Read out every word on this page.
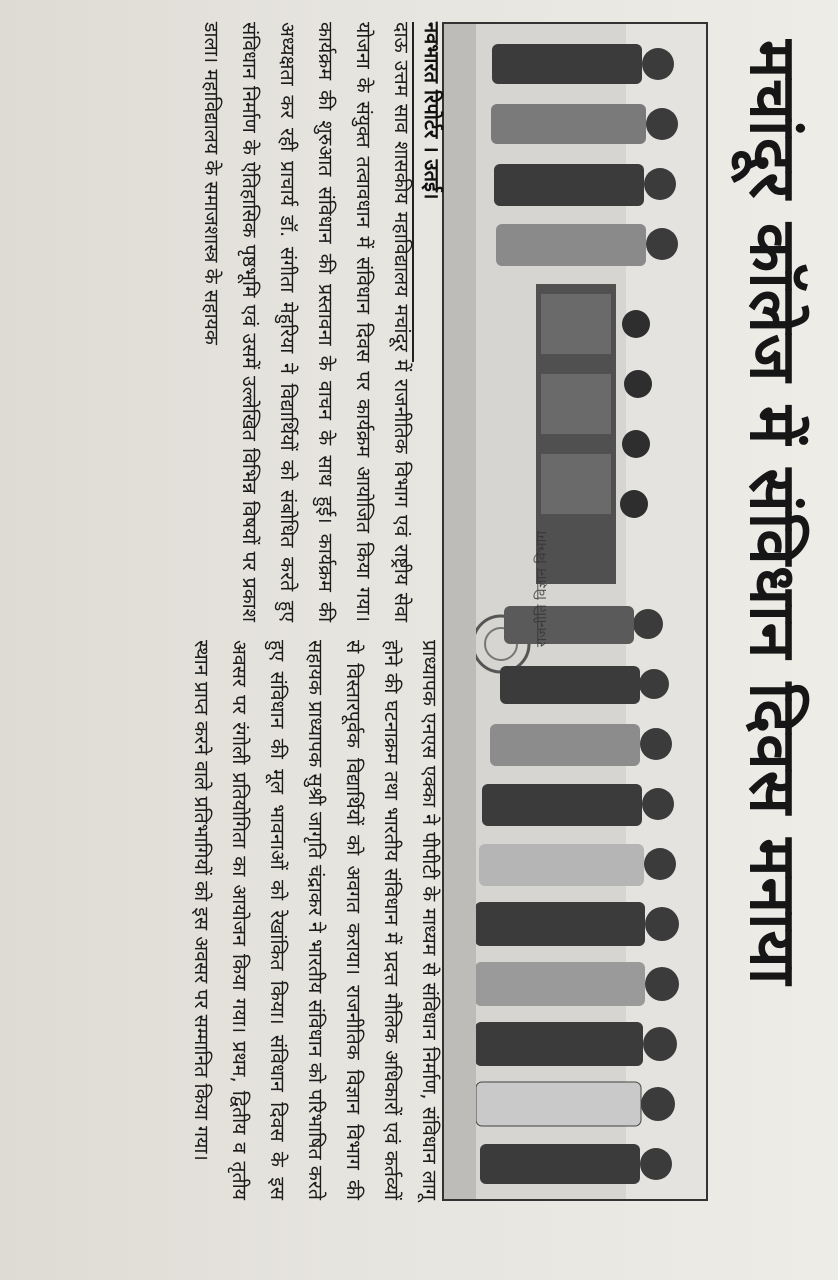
मचांदूर कॉलेज में संविधान दिवस मनाया
राजनीति विज्ञान विभाग
नवभारत रिपोर्टर । उतई।
दाऊ उत्तम साव शासकीय महाविद्यालय मचांदूर में राजनीतिक विभाग एवं राष्ट्रीय सेवा योजना के संयुक्त तत्वावधान में संविधान दिवस पर कार्यक्रम आयोजित किया गया। कार्यक्रम की शुरुआत संविधान की प्रस्तावना के वाचन के साथ हुई। कार्यक्रम की अध्यक्षता कर रही प्राचार्य डॉ. संगीता मेहुरिया ने विद्यार्थियों को संबोधित करते हुए संविधान निर्माण के ऐतिहासिक पृष्ठभूमि एवं उसमें उल्लेखित विभिन्न विषयों पर प्रकाश डाला। महाविद्यालय के समाजशास्त्र के सहायक
प्राध्यापक एनएस एक्का ने पीपीटी के माध्यम से संविधान निर्माण, संविधान लागू होने की घटनाक्रम तथा भारतीय संविधान में प्रदत्त मौलिक अधिकारों एवं कर्तव्यों से विस्तारपूर्वक विद्यार्थियों को अवगत कराया। राजनीतिक विज्ञान विभाग की सहायक प्राध्यापक सुश्री जागृति चंद्राकर ने भारतीय संविधान को परिभाषित करते हुए संविधान की मूल भावनाओं को रेखांकित किया। संविधान दिवस के इस अवसर पर रंगोली प्रतियोगिता का आयोजन किया गया। प्रथम, द्वितीय व तृतीय स्थान प्राप्त करने वाले प्रतिभागियों को इस अवसर पर सम्मानित किया गया।
